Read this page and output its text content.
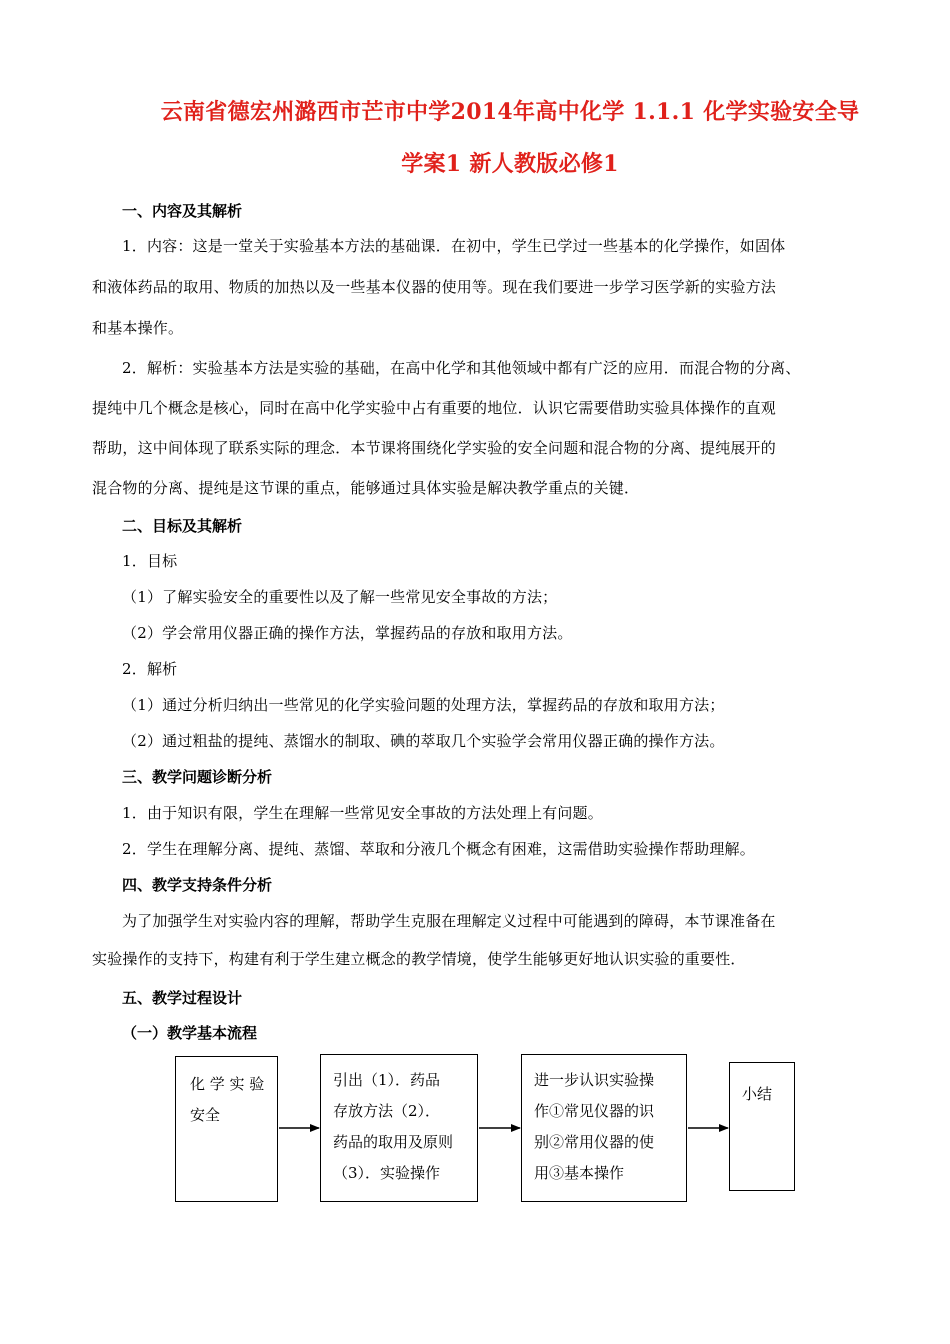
云南省德宏州潞西市芒市中学2014年高中化学 1.1.1 化学实验安全导
学案1 新人教版必修1
一、内容及其解析
1．内容：这是一堂关于实验基本方法的基础课．在初中，学生已学过一些基本的化学操作，如固体
和液体药品的取用、物质的加热以及一些基本仪器的使用等。现在我们要进一步学习医学新的实验方法
和基本操作。
2．解析：实验基本方法是实验的基础，在高中化学和其他领域中都有广泛的应用．而混合物的分离、
提纯中几个概念是核心，同时在高中化学实验中占有重要的地位．认识它需要借助实验具体操作的直观
帮助，这中间体现了联系实际的理念．本节课将围绕化学实验的安全问题和混合物的分离、提纯展开的
混合物的分离、提纯是这节课的重点，能够通过具体实验是解决教学重点的关键．
二、目标及其解析
1．目标
（1）了解实验安全的重要性以及了解一些常见安全事故的方法；
（2）学会常用仪器正确的操作方法，掌握药品的存放和取用方法。
2．解析
（1）通过分析归纳出一些常见的化学实验问题的处理方法，掌握药品的存放和取用方法；
（2）通过粗盐的提纯、蒸馏水的制取、碘的萃取几个实验学会常用仪器正确的操作方法。
三、教学问题诊断分析
1．由于知识有限，学生在理解一些常见安全事故的方法处理上有问题。
2．学生在理解分离、提纯、蒸馏、萃取和分液几个概念有困难，这需借助实验操作帮助理解。
四、教学支持条件分析
为了加强学生对实验内容的理解，帮助学生克服在理解定义过程中可能遇到的障碍，本节课准备在
实验操作的支持下，构建有利于学生建立概念的教学情境，使学生能够更好地认识实验的重要性．
五、教学过程设计
（一）教学基本流程
化 学 实 验
安全
引出（1）．药品
存放方法（2）．
药品的取用及原则
（3）．实验操作
进一步认识实验操
作①常见仪器的识
别②常用仪器的使
用③基本操作
小结
